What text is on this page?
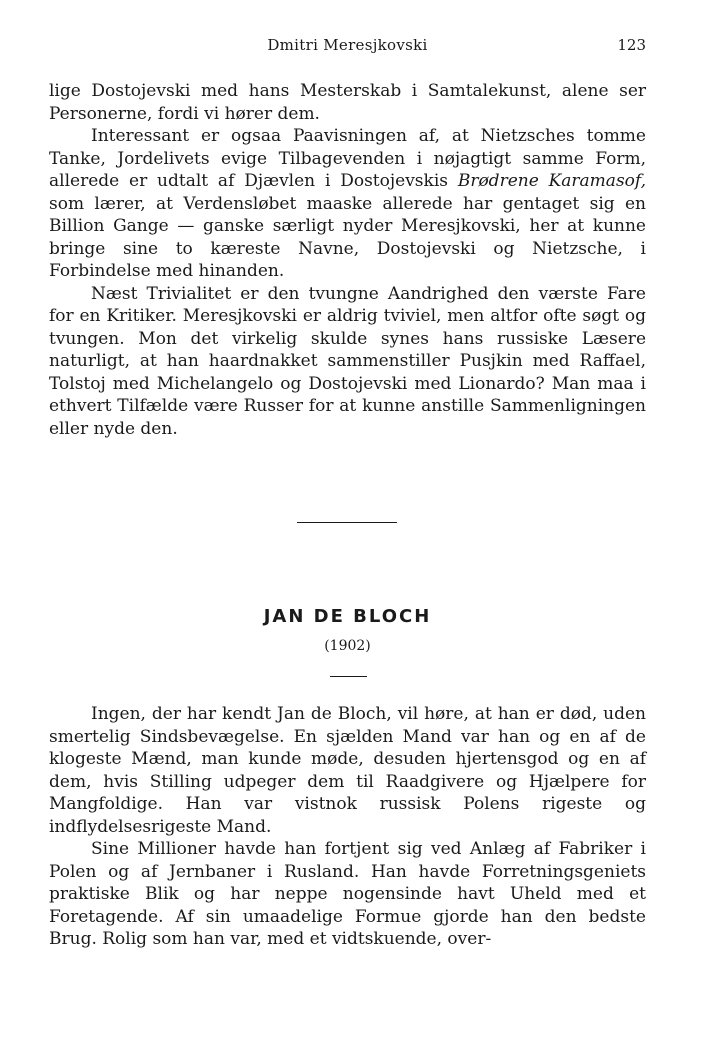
Dmitri Meresjkovski	123

lige Dostojevski med hans Mesterskab i Samtalekunst, alene ser Personerne, fordi vi hører dem.

Interessant er ogsaa Paavisningen af, at Nietzsches tomme Tanke, Jordelivets evige Tilbagevenden i nøjagtigt samme Form, allerede er udtalt af Djævlen i Dostojevskis Brødrene Karamasof, som lærer, at Verdensløbet maaske allerede har gentaget sig en Billion Gange — ganske særligt nyder Meresjkovski, her at kunne bringe sine to kæreste Navne, Dostojevski og Nietzsche, i Forbindelse med hinanden.

Næst Trivialitet er den tvungne Aandrighed den værste Fare for en Kritiker. Meresjkovski er aldrig tviviel, men altfor ofte søgt og tvungen. Mon det virkelig skulde synes hans russiske Læsere naturligt, at han haardnakket sammenstiller Pusjkin med Raffael, Tolstoj med Michelangelo og Dostojevski med Lionardo? Man maa i ethvert Tilfælde være Russer for at kunne anstille Sammenligningen eller nyde den.

JAN DE BLOCH
(1902)

Ingen, der har kendt Jan de Bloch, vil høre, at han er død, uden smertelig Sindsbevægelse. En sjælden Mand var han og en af de klogeste Mænd, man kunde møde, desuden hjertensgod og en af dem, hvis Stilling udpeger dem til Raadgivere og Hjælpere for Mangfoldige. Han var vistnok russisk Polens rigeste og indflydelsesrigeste Mand.

Sine Millioner havde han fortjent sig ved Anlæg af Fabriker i Polen og af Jernbaner i Rusland. Han havde Forretningsgeniets praktiske Blik og har neppe nogensinde havt Uheld med et Foretagende. Af sin umaadelige Formue gjorde han den bedste Brug. Rolig som han var, med et vidtskuende, over-
